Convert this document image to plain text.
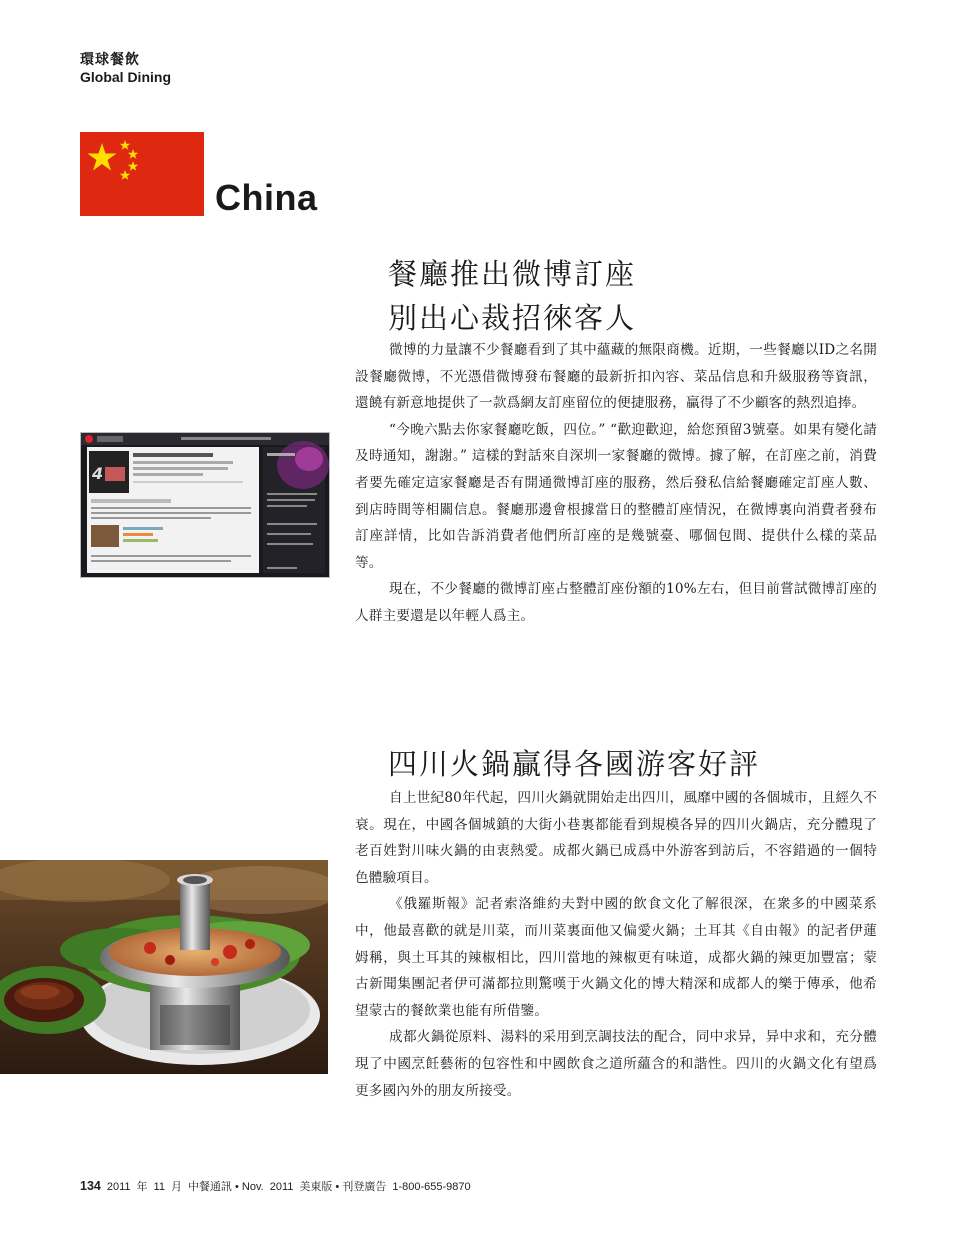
環球餐飲
Global Dining
China
餐廳推出微博訂座
別出心裁招徠客人

微博的力量讓不少餐廳看到了其中蘊藏的無限商機。近期，一些餐廳以ID之名開設餐廳微博，不光憑借微博發布餐廳的最新折扣內容、菜品信息和升級服務等資訊，還饒有新意地提供了一款爲網友訂座留位的便捷服務，贏得了不少顧客的熱烈追捧。

“今晚六點去你家餐廳吃飯，四位。” “歡迎歡迎，給您預留3號臺。如果有變化請及時通知，謝謝。” 這樣的對話來自深圳一家餐廳的微博。據了解，在訂座之前，消費者要先確定這家餐廳是否有開通微博訂座的服務，然后發私信給餐廳確定訂座人數、到店時間等相關信息。餐廳那邊會根據當日的整體訂座情況，在微博裏向消費者發布訂座詳情，比如告訴消費者他們所訂座的是幾號臺、哪個包間、提供什么樣的菜品等。

現在，不少餐廳的微博訂座占整體訂座份額的10%左右，但目前嘗試微博訂座的人群主要還是以年輕人爲主。

4
四川火鍋贏得各國游客好評

自上世紀80年代起，四川火鍋就開始走出四川，風靡中國的各個城市，且經久不衰。現在，中國各個城鎮的大街小巷裏都能看到規模各异的四川火鍋店，充分體現了老百姓對川味火鍋的由衷熱愛。成都火鍋已成爲中外游客到訪后，不容錯過的一個特色體驗項目。

《俄羅斯報》記者索洛維約夫對中國的飲食文化了解很深，在衆多的中國菜系中，他最喜歡的就是川菜，而川菜裏面他又偏愛火鍋；土耳其《自由報》的記者伊蓮姆稱，與土耳其的辣椒相比，四川當地的辣椒更有味道，成都火鍋的辣更加豐富；蒙古新聞集團記者伊可滿都拉則驚嘆于火鍋文化的博大精深和成都人的樂于傳承，他希望蒙古的餐飲業也能有所借鑒。

成都火鍋從原料、湯料的采用到烹調技法的配合，同中求异，异中求和，充分體現了中國烹飪藝術的包容性和中國飲食之道所蘊含的和諧性。四川的火鍋文化有望爲更多國內外的朋友所接受。

134 2011 年 11 月 中餐通訊 • Nov. 2011 美東版 • 刊登廣告 1-800-655-9870
